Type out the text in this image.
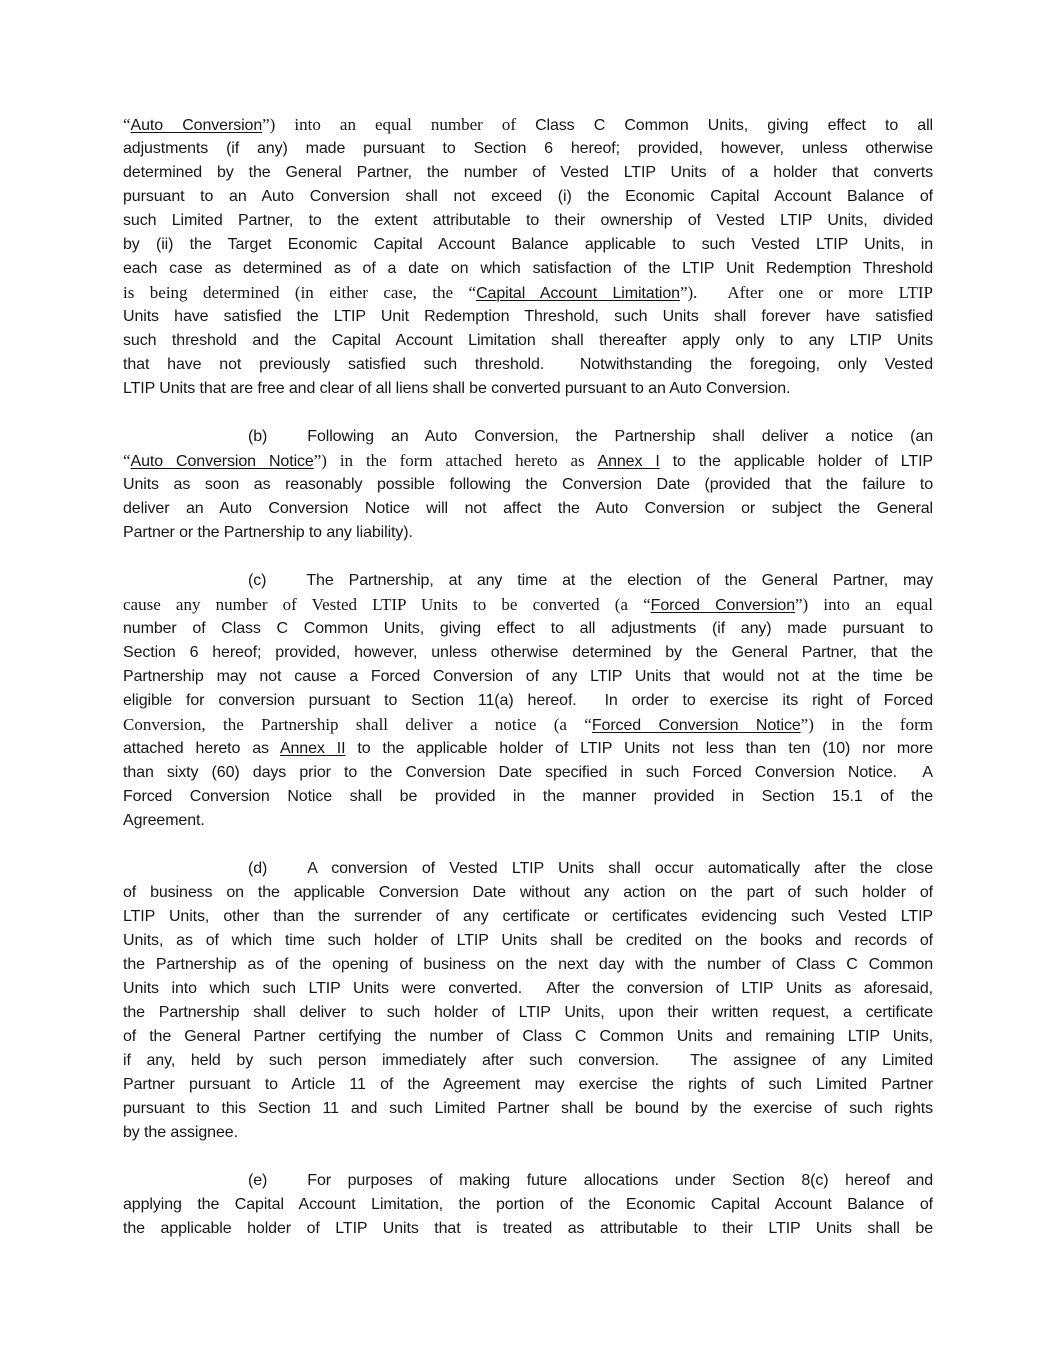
“Auto Conversion”) into an equal number of Class C Common Units, giving effect to all
adjustments (if any) made pursuant to Section 6 hereof; provided, however, unless otherwise
determined by the General Partner, the number of Vested LTIP Units of a holder that converts
pursuant to an Auto Conversion shall not exceed (i) the Economic Capital Account Balance of
such Limited Partner, to the extent attributable to their ownership of Vested LTIP Units, divided
by (ii) the Target Economic Capital Account Balance applicable to such Vested LTIP Units, in
each case as determined as of a date on which satisfaction of the LTIP Unit Redemption Threshold
is being determined (in either case, the “Capital Account Limitation”).  After one or more LTIP
Units have satisfied the LTIP Unit Redemption Threshold, such Units shall forever have satisfied
such threshold and the Capital Account Limitation shall thereafter apply only to any LTIP Units
that have not previously satisfied such threshold.  Notwithstanding the foregoing, only Vested
LTIP Units that are free and clear of all liens shall be converted pursuant to an Auto Conversion.
(b)	Following an Auto Conversion, the Partnership shall deliver a notice (an
“Auto Conversion Notice”) in the form attached hereto as Annex I to the applicable holder of LTIP
Units as soon as reasonably possible following the Conversion Date (provided that the failure to
deliver an Auto Conversion Notice will not affect the Auto Conversion or subject the General
Partner or the Partnership to any liability).
(c)	The Partnership, at any time at the election of the General Partner, may
cause any number of Vested LTIP Units to be converted (a “Forced Conversion”) into an equal
number of Class C Common Units, giving effect to all adjustments (if any) made pursuant to
Section 6 hereof; provided, however, unless otherwise determined by the General Partner, that the
Partnership may not cause a Forced Conversion of any LTIP Units that would not at the time be
eligible for conversion pursuant to Section 11(a) hereof.  In order to exercise its right of Forced
Conversion, the Partnership shall deliver a notice (a “Forced Conversion Notice”) in the form
attached hereto as Annex II to the applicable holder of LTIP Units not less than ten (10) nor more
than sixty (60) days prior to the Conversion Date specified in such Forced Conversion Notice.  A
Forced Conversion Notice shall be provided in the manner provided in Section 15.1 of the
Agreement.
(d)	A conversion of Vested LTIP Units shall occur automatically after the close
of business on the applicable Conversion Date without any action on the part of such holder of
LTIP Units, other than the surrender of any certificate or certificates evidencing such Vested LTIP
Units, as of which time such holder of LTIP Units shall be credited on the books and records of
the Partnership as of the opening of business on the next day with the number of Class C Common
Units into which such LTIP Units were converted.  After the conversion of LTIP Units as aforesaid,
the Partnership shall deliver to such holder of LTIP Units, upon their written request, a certificate
of the General Partner certifying the number of Class C Common Units and remaining LTIP Units,
if any, held by such person immediately after such conversion.  The assignee of any Limited
Partner pursuant to Article 11 of the Agreement may exercise the rights of such Limited Partner
pursuant to this Section 11 and such Limited Partner shall be bound by the exercise of such rights
by the assignee.
(e)	For purposes of making future allocations under Section 8(c) hereof and
applying the Capital Account Limitation, the portion of the Economic Capital Account Balance of
the applicable holder of LTIP Units that is treated as attributable to their LTIP Units shall be
